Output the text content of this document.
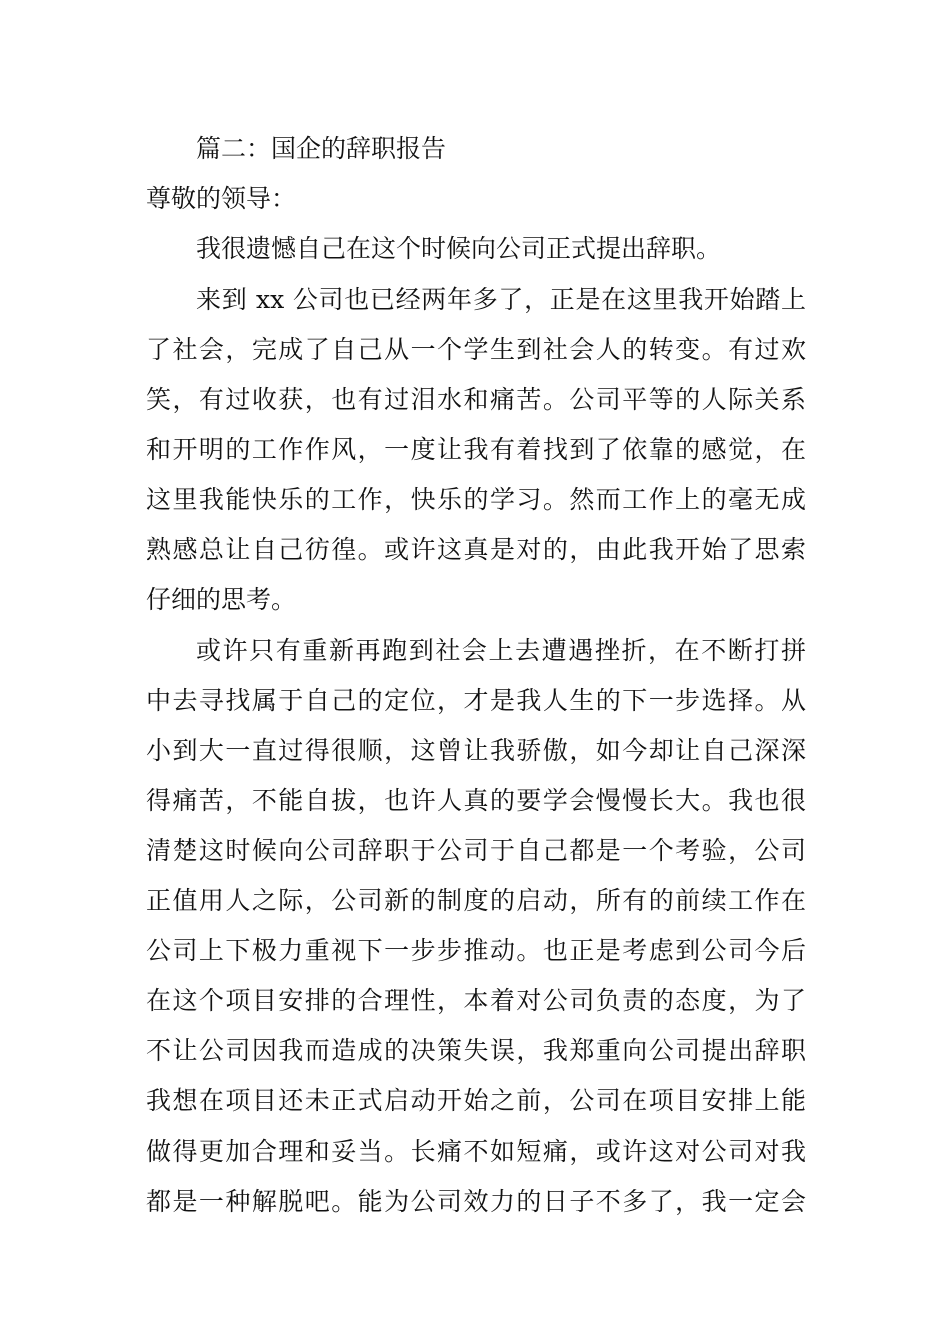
篇二：国企的辞职报告
尊敬的领导：
我很遗憾自己在这个时候向公司正式提出辞职。
来到 xx 公司也已经两年多了，正是在这里我开始踏上
了社会，完成了自己从一个学生到社会人的转变。有过欢
笑，有过收获，也有过泪水和痛苦。公司平等的人际关系
和开明的工作作风，一度让我有着找到了依靠的感觉，在
这里我能快乐的工作，快乐的学习。然而工作上的毫无成
熟感总让自己彷徨。或许这真是对的，由此我开始了思索
仔细的思考。
或许只有重新再跑到社会上去遭遇挫折，在不断打拼
中去寻找属于自己的定位，才是我人生的下一步选择。从
小到大一直过得很顺，这曾让我骄傲，如今却让自己深深
得痛苦，不能自拔，也许人真的要学会慢慢长大。我也很
清楚这时候向公司辞职于公司于自己都是一个考验，公司
正值用人之际，公司新的制度的启动，所有的前续工作在
公司上下极力重视下一步步推动。也正是考虑到公司今后
在这个项目安排的合理性，本着对公司负责的态度，为了
不让公司因我而造成的决策失误，我郑重向公司提出辞职
我想在项目还未正式启动开始之前，公司在项目安排上能
做得更加合理和妥当。长痛不如短痛，或许这对公司对我
都是一种解脱吧。能为公司效力的日子不多了，我一定会
